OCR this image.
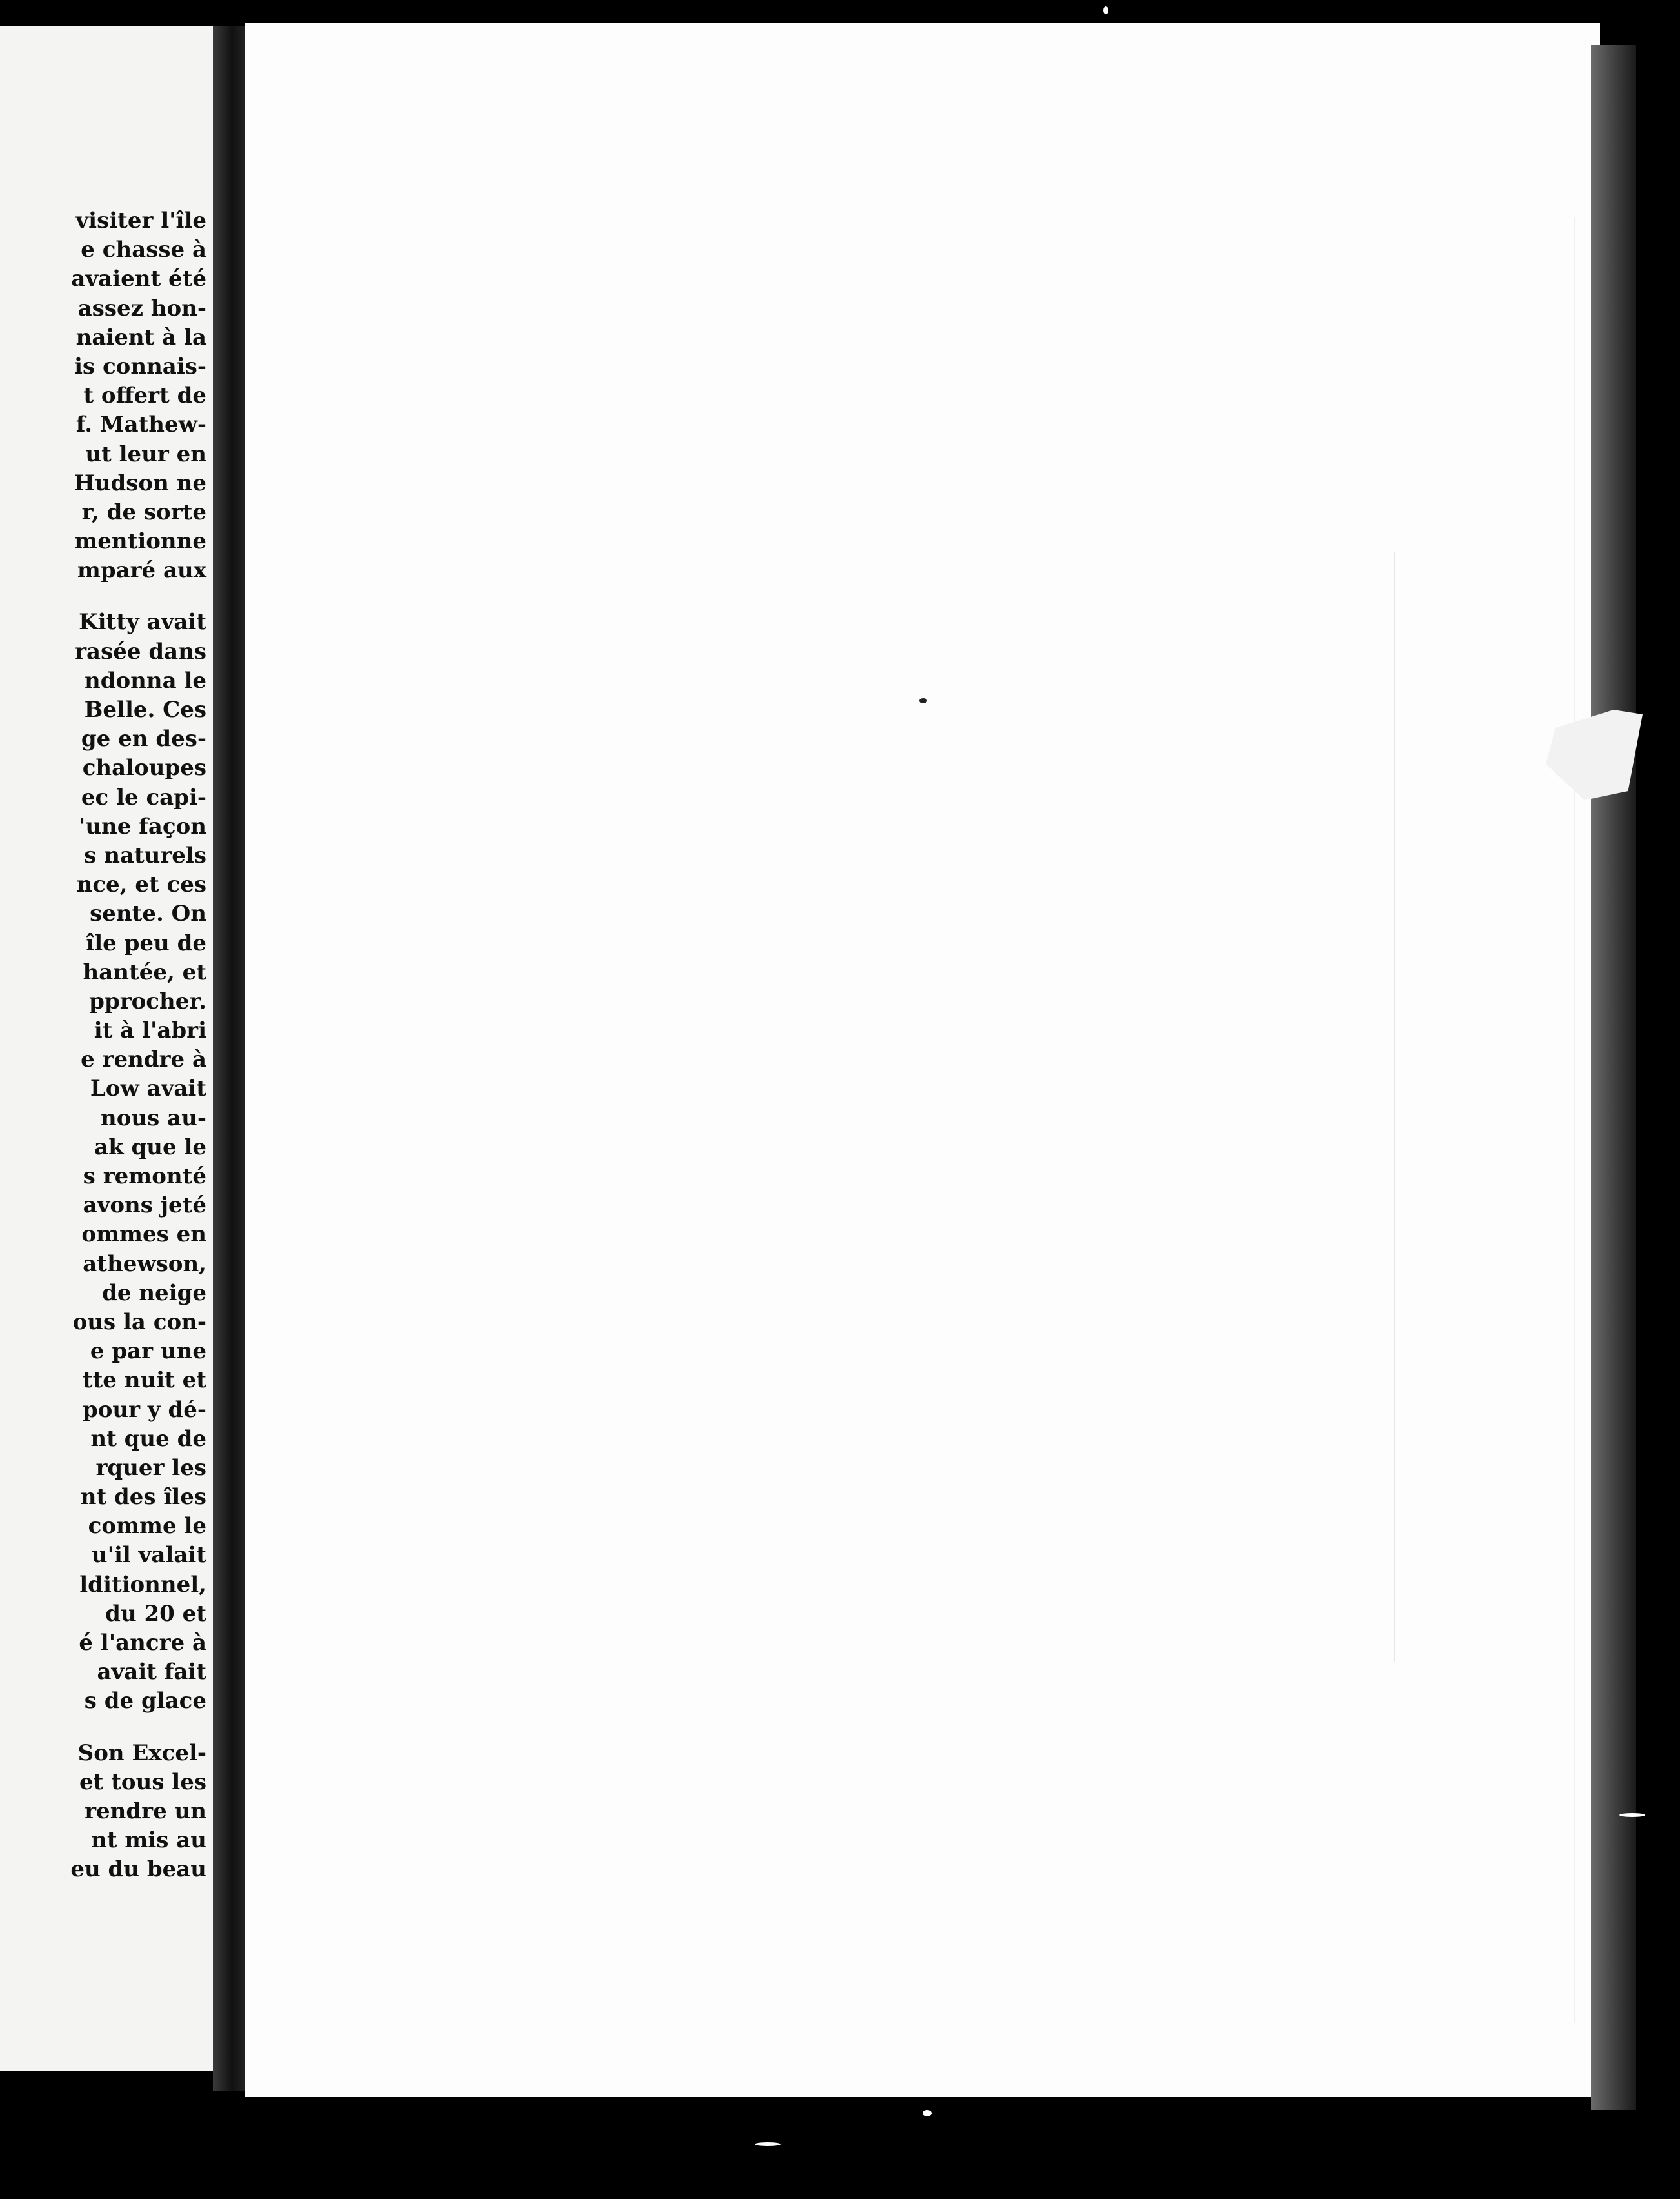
visiter l'île
e chasse à
avaient été
assez hon-
naient à la
is connais-
t offert de
f. Mathew-
ut leur en
Hudson ne
r, de sorte
mentionne
mparé aux
Kitty avait
rasée dans
ndonna le
Belle. Ces
ge en des-
chaloupes
ec le capi-
'une façon
s naturels
nce, et ces
sente. On
île peu de
hantée, et
pprocher.
it à l'abri
e rendre à
Low avait
nous au-
ak que le
s remonté
avons jeté
ommes en
athewson,
de neige
ous la con-
e par une
tte nuit et
pour y dé-
nt que de
rquer les
nt des îles
comme le
u'il valait
lditionnel,
du 20 et
é l'ancre à
avait fait
s de glace
Son Excel-
et tous les
rendre un
nt mis au
eu du beau
